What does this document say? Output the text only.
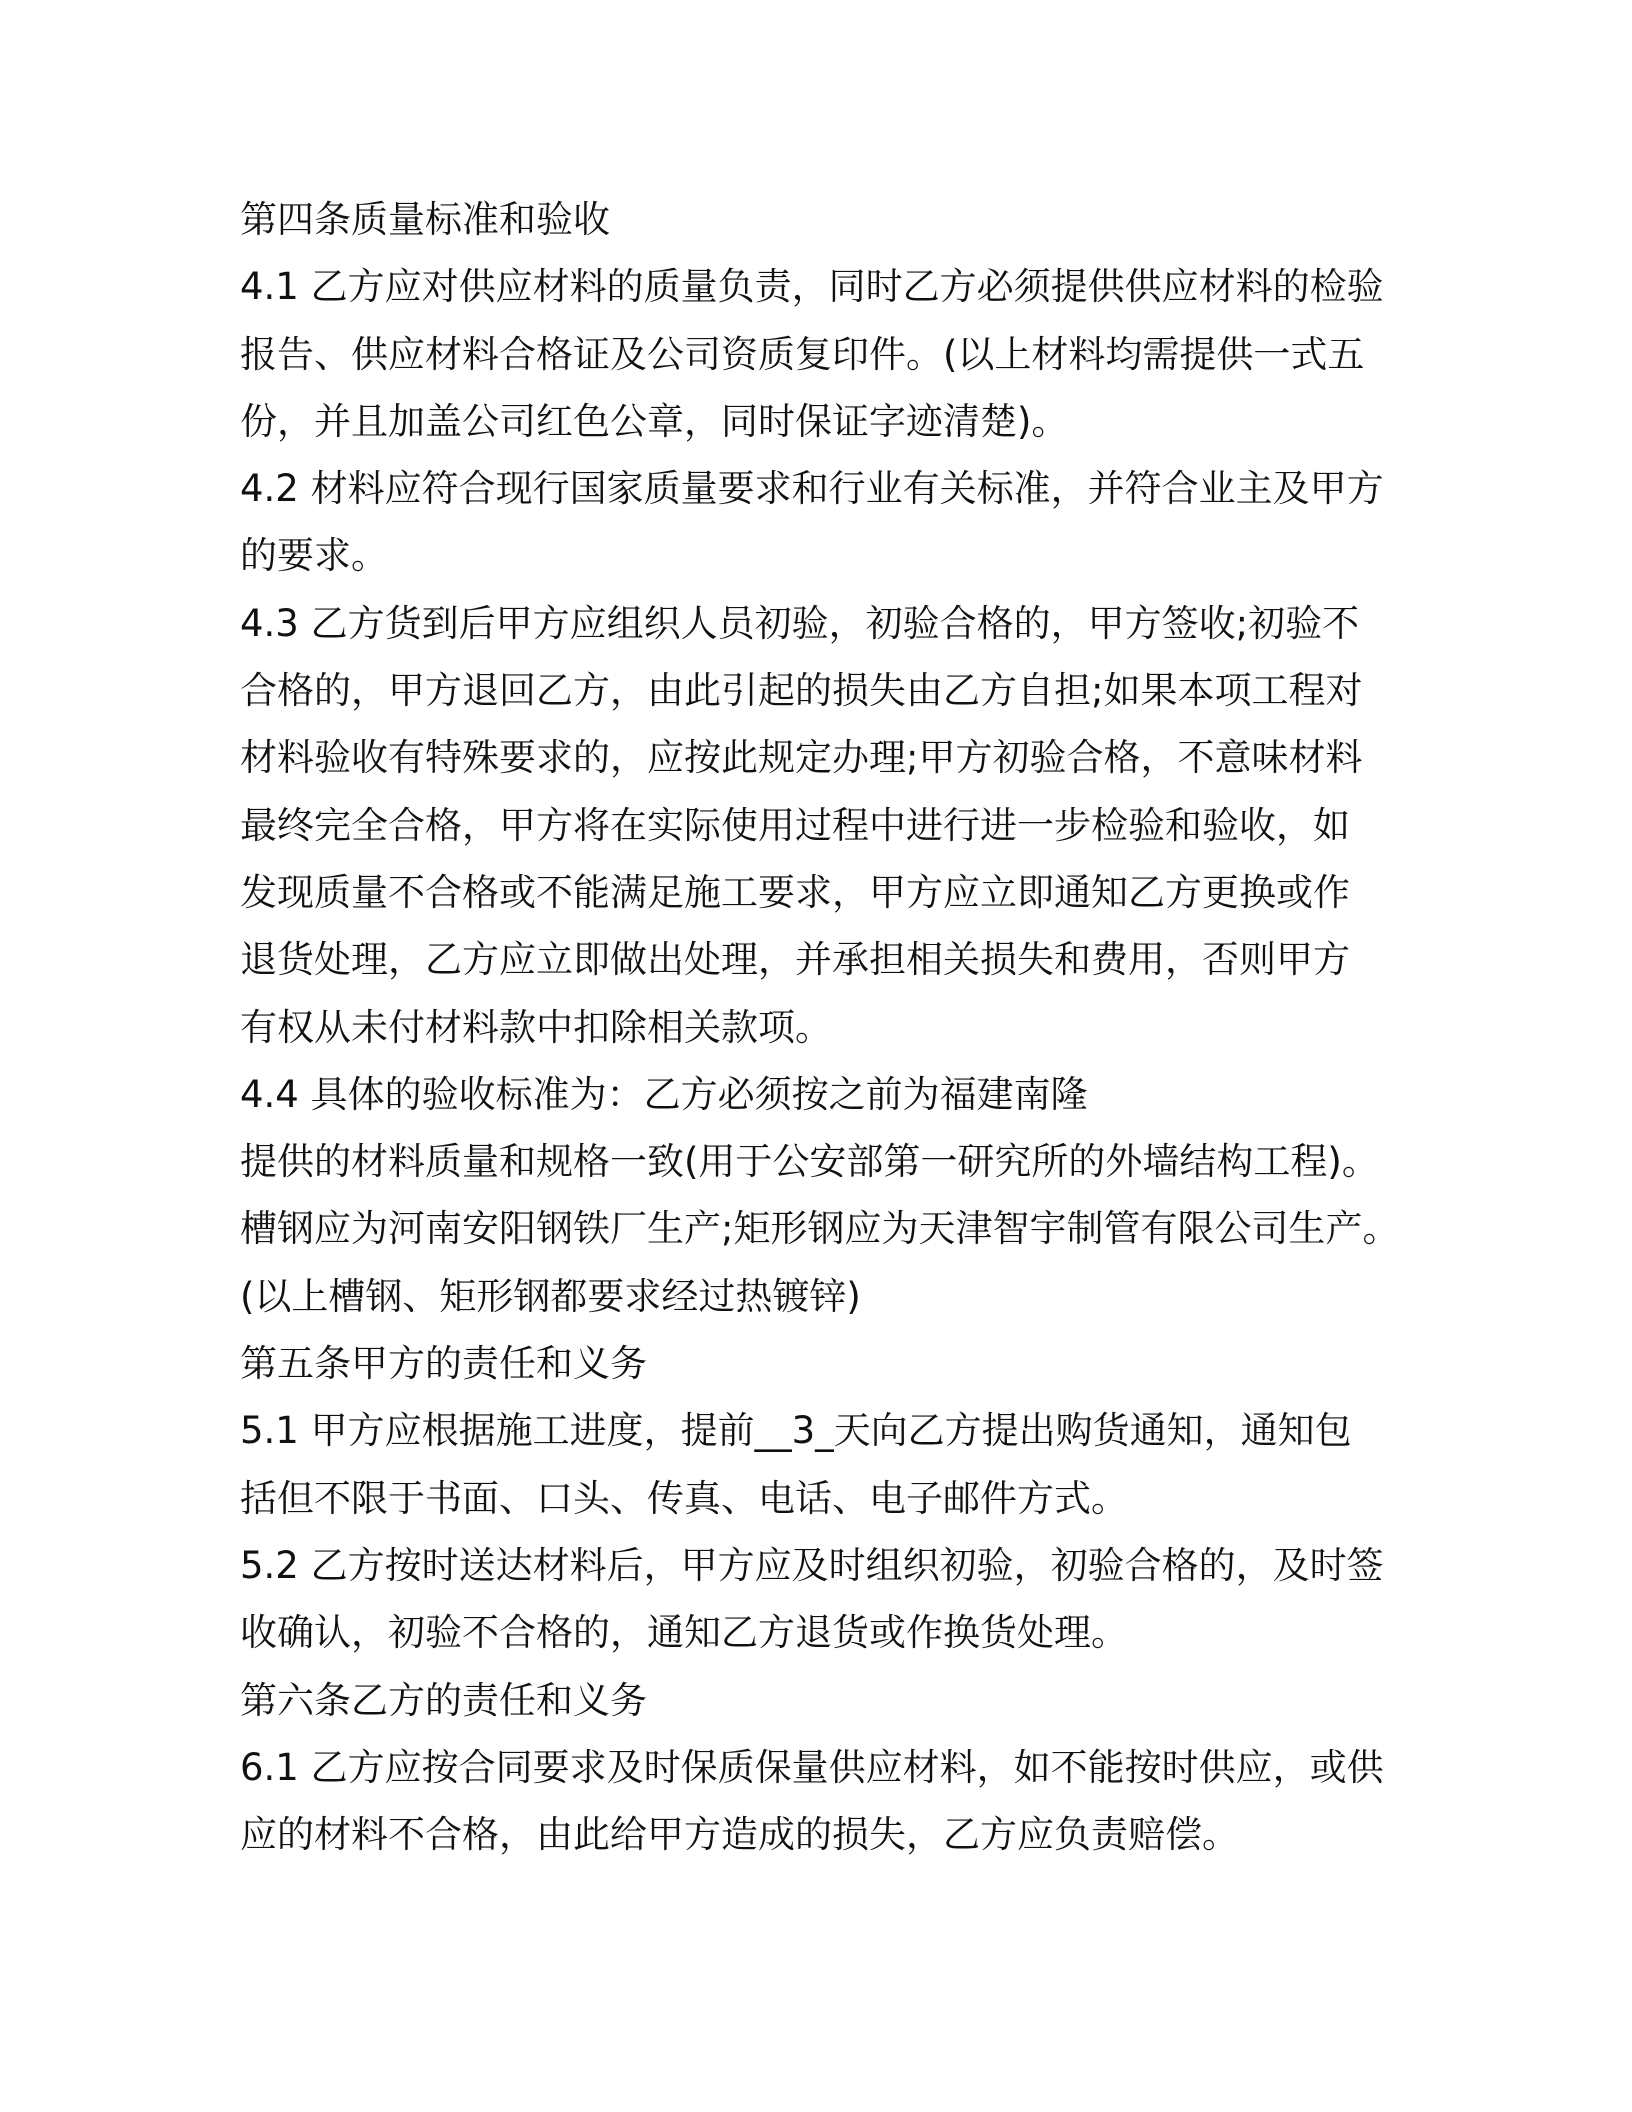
第四条质量标准和验收
4.1 乙方应对供应材料的质量负责，同时乙方必须提供供应材料的检验
报告、供应材料合格证及公司资质复印件。(以上材料均需提供一式五
份，并且加盖公司红色公章，同时保证字迹清楚)。
4.2 材料应符合现行国家质量要求和行业有关标准，并符合业主及甲方
的要求。
4.3 乙方货到后甲方应组织人员初验，初验合格的，甲方签收;初验不
合格的，甲方退回乙方，由此引起的损失由乙方自担;如果本项工程对
材料验收有特殊要求的，应按此规定办理;甲方初验合格，不意味材料
最终完全合格，甲方将在实际使用过程中进行进一步检验和验收，如
发现质量不合格或不能满足施工要求，甲方应立即通知乙方更换或作
退货处理，乙方应立即做出处理，并承担相关损失和费用，否则甲方
有权从未付材料款中扣除相关款项。
4.4 具体的验收标准为：乙方必须按之前为福建南隆
提供的材料质量和规格一致(用于公安部第一研究所的外墙结构工程)。
槽钢应为河南安阳钢铁厂生产;矩形钢应为天津智宇制管有限公司生产。
(以上槽钢、矩形钢都要求经过热镀锌)
第五条甲方的责任和义务
5.1 甲方应根据施工进度，提前__3_天向乙方提出购货通知，通知包
括但不限于书面、口头、传真、电话、电子邮件方式。
5.2 乙方按时送达材料后，甲方应及时组织初验，初验合格的，及时签
收确认，初验不合格的，通知乙方退货或作换货处理。
第六条乙方的责任和义务
6.1 乙方应按合同要求及时保质保量供应材料，如不能按时供应，或供
应的材料不合格，由此给甲方造成的损失，乙方应负责赔偿。
